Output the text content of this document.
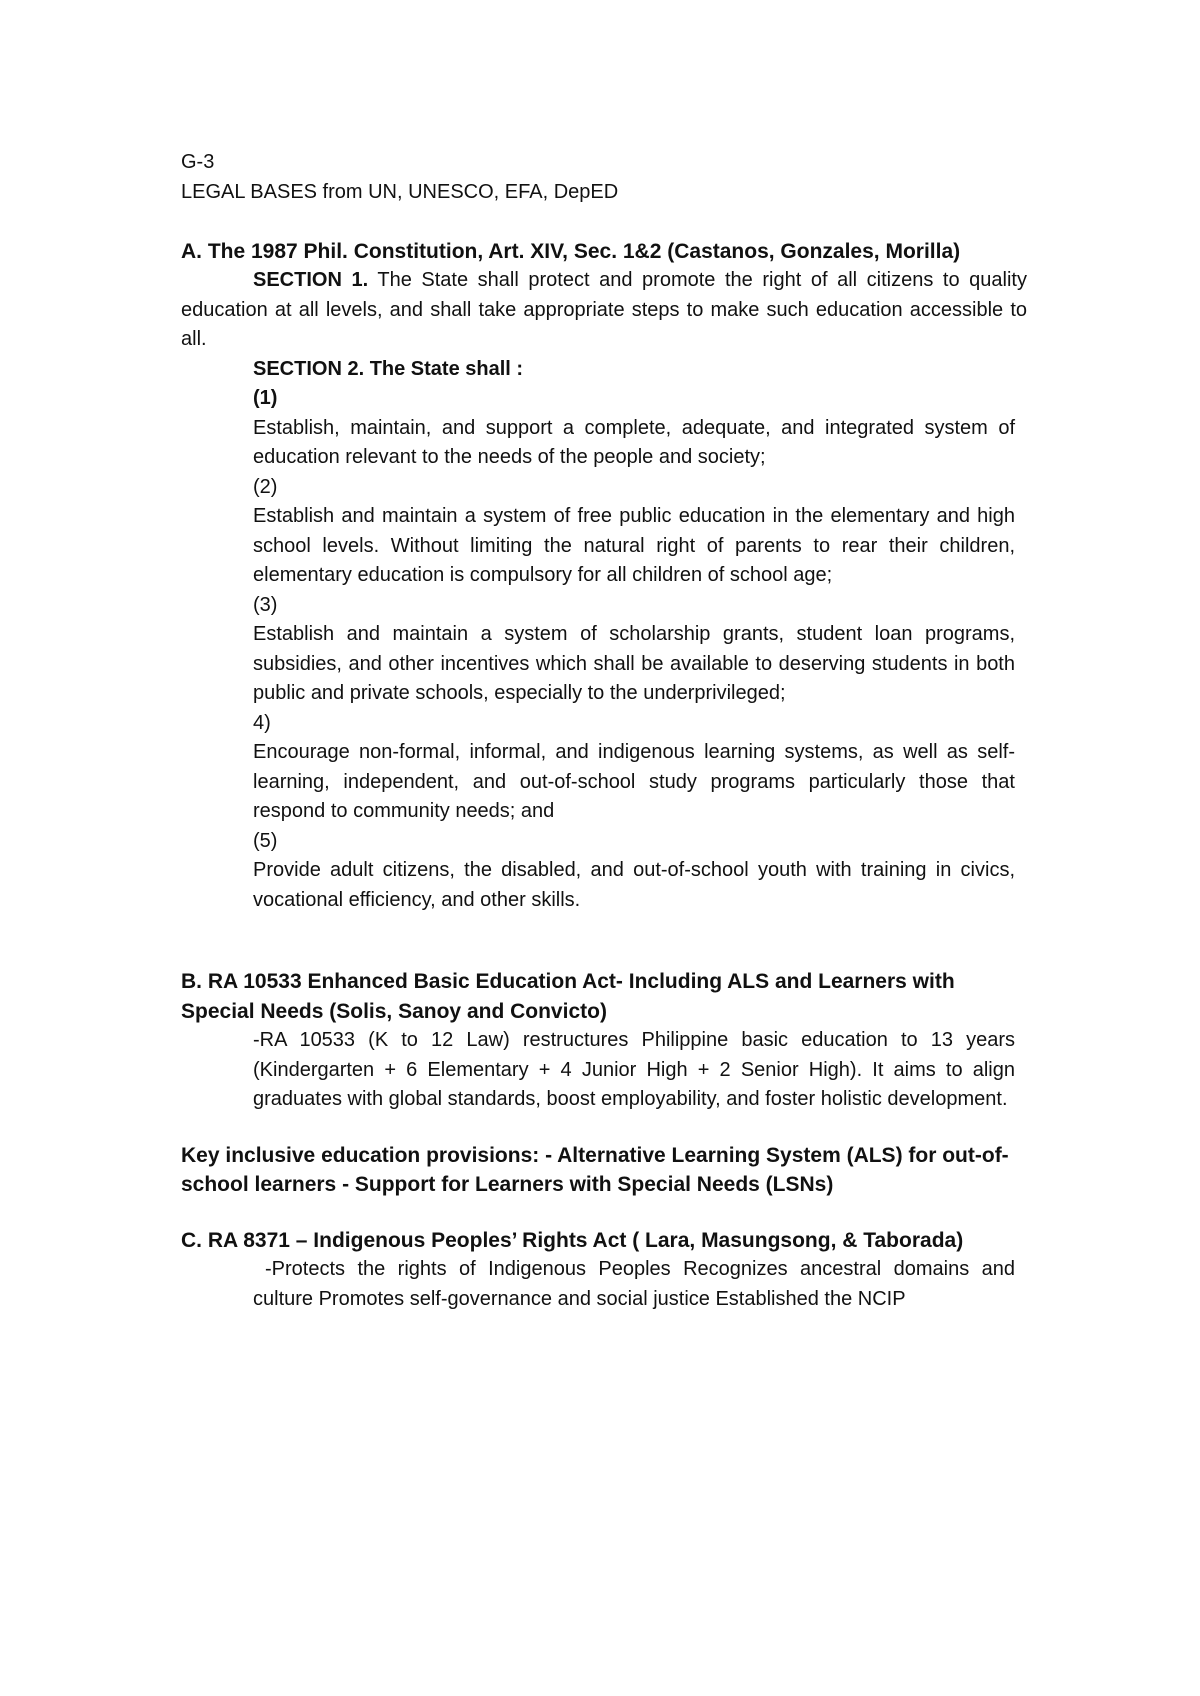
G-3

LEGAL BASES from UN, UNESCO, EFA, DepED

A. The 1987 Phil. Constitution, Art. XIV, Sec. 1&2 (Castanos, Gonzales, Morilla)

SECTION 1. The State shall protect and promote the right of all citizens to quality education at all levels, and shall take appropriate steps to make such education accessible to all.

SECTION 2. The State shall :

(1)

Establish, maintain, and support a complete, adequate, and integrated system of education relevant to the needs of the people and society;

(2)

Establish and maintain a system of free public education in the elementary and high school levels. Without limiting the natural right of parents to rear their children, elementary education is compulsory for all children of school age;

(3)

Establish and maintain a system of scholarship grants, student loan programs, subsidies, and other incentives which shall be available to deserving students in both public and private schools, especially to the underprivileged;

4)

Encourage non-formal, informal, and indigenous learning systems, as well as self-learning, independent, and out-of-school study programs particularly those that respond to community needs; and

(5)

Provide adult citizens, the disabled, and out-of-school youth with training in civics, vocational efficiency, and other skills.

B. RA 10533 Enhanced Basic Education Act- Including ALS and Learners with Special Needs (Solis, Sanoy and Convicto)

-RA 10533 (K to 12 Law) restructures Philippine basic education to 13 years (Kindergarten + 6 Elementary + 4 Junior High + 2 Senior High). It aims to align graduates with global standards, boost employability, and foster holistic development.

Key inclusive education provisions: - Alternative Learning System (ALS) for out-of-school learners - Support for Learners with Special Needs (LSNs)

C. RA 8371 – Indigenous Peoples’ Rights Act ( Lara, Masungsong, & Taborada)

-Protects the rights of Indigenous Peoples Recognizes ancestral domains and culture Promotes self-governance and social justice Established the NCIP
